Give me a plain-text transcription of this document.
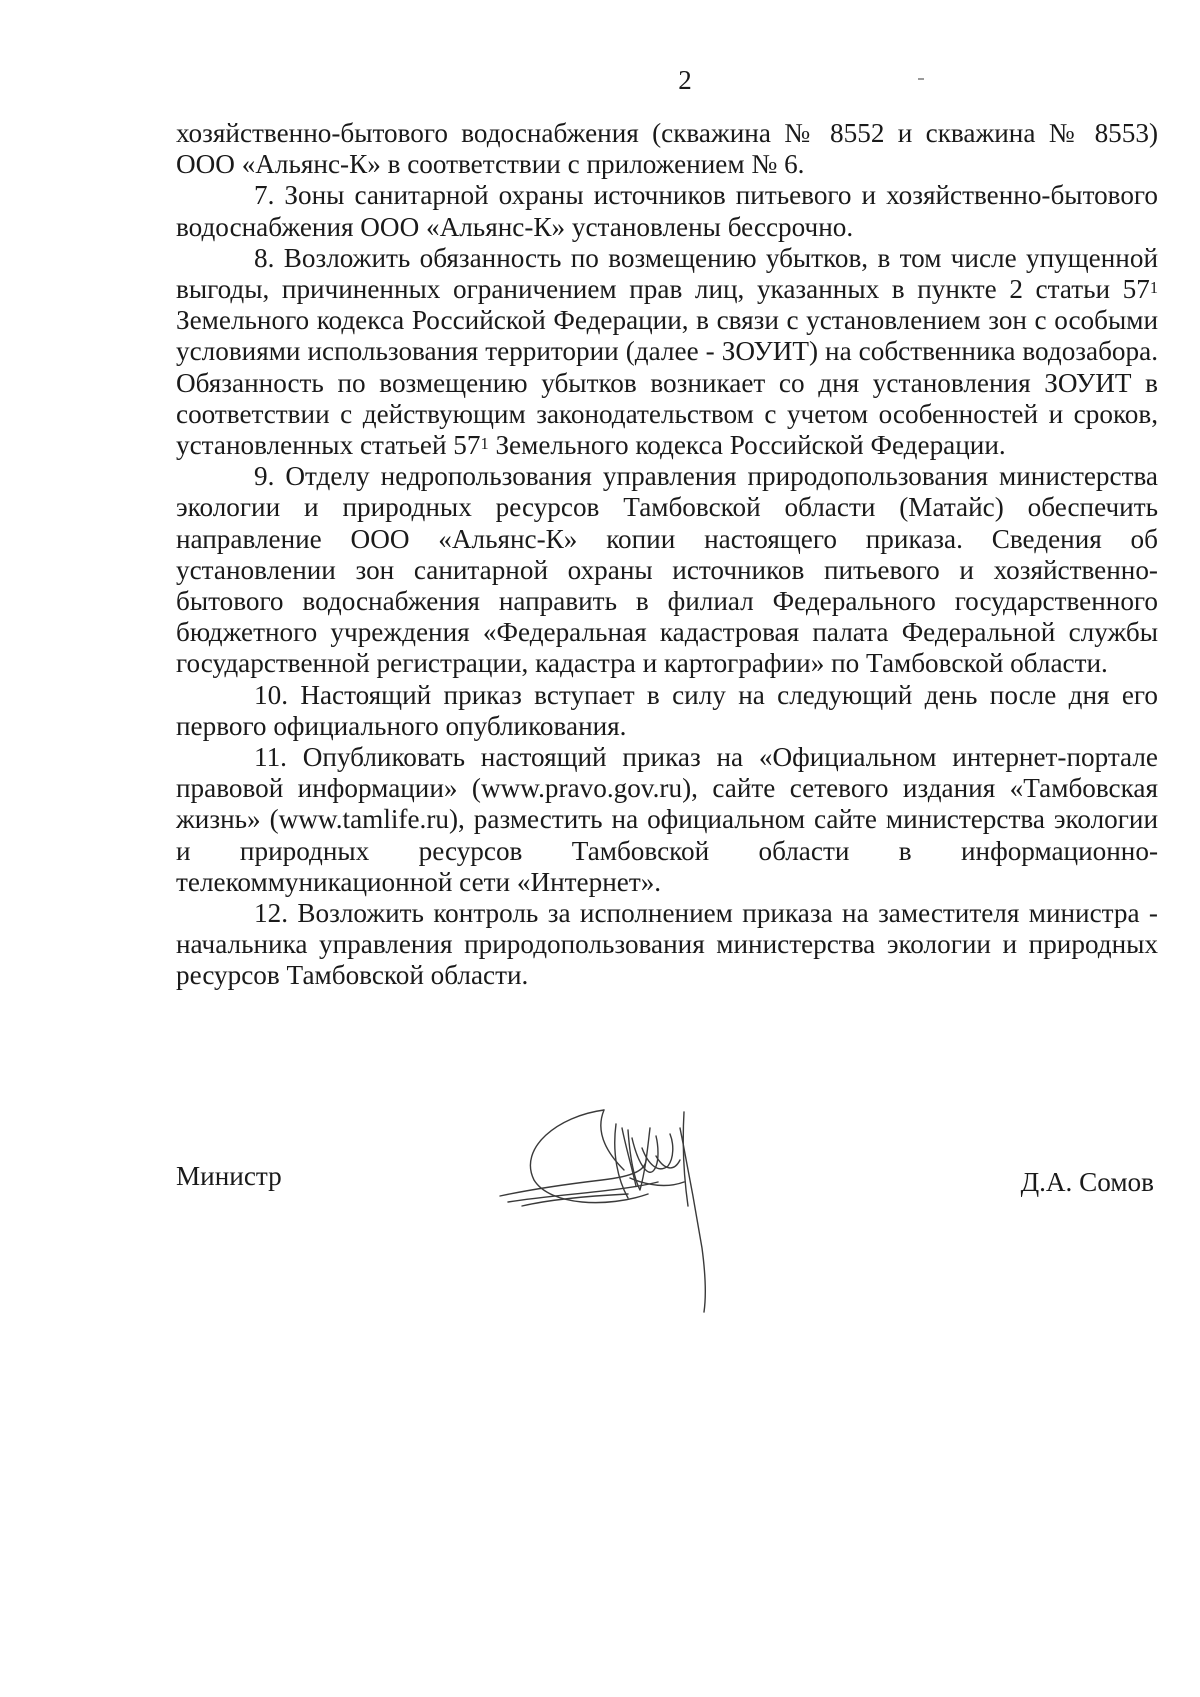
2

хозяйственно-бытового водоснабжения (скважина № 8552 и скважина № 8553) ООО «Альянс-К» в соответствии с приложением № 6.

7. Зоны санитарной охраны источников питьевого и хозяйственно-бытового водоснабжения ООО «Альянс-К» установлены бессрочно.

8. Возложить обязанность по возмещению убытков, в том числе упущенной выгоды, причиненных ограничением прав лиц, указанных в пункте 2 статьи $57^1$ Земельного кодекса Российской Федерации, в связи с установлением зон с особыми условиями использования территории (далее - ЗОУИТ) на собственника водозабора. Обязанность по возмещению убытков возникает со дня установления ЗОУИТ в соответствии с действующим законодательством с учетом особенностей и сроков, установленных статьей $57^1$ Земельного кодекса Российской Федерации.

9. Отделу недропользования управления природопользования министерства экологии и природных ресурсов Тамбовской области (Матайс) обеспечить направление ООО «Альянс-К» копии настоящего приказа. Сведения об установлении зон санитарной охраны источников питьевого и хозяйственно-бытового водоснабжения направить в филиал Федерального государственного бюджетного учреждения «Федеральная кадастровая палата Федеральной службы государственной регистрации, кадастра и картографии» по Тамбовской области.

10. Настоящий приказ вступает в силу на следующий день после дня его первого официального опубликования.

11. Опубликовать настоящий приказ на «Официальном интернет-портале правовой информации» (www.pravo.gov.ru), сайте сетевого издания «Тамбовская жизнь» (www.tamlife.ru), разместить на официальном сайте министерства экологии и природных ресурсов Тамбовской области в информационно-телекоммуникационной сети «Интернет».

12. Возложить контроль за исполнением приказа на заместителя министра - начальника управления природопользования министерства экологии и природных ресурсов Тамбовской области.

Министр	Д.А. Сомов
